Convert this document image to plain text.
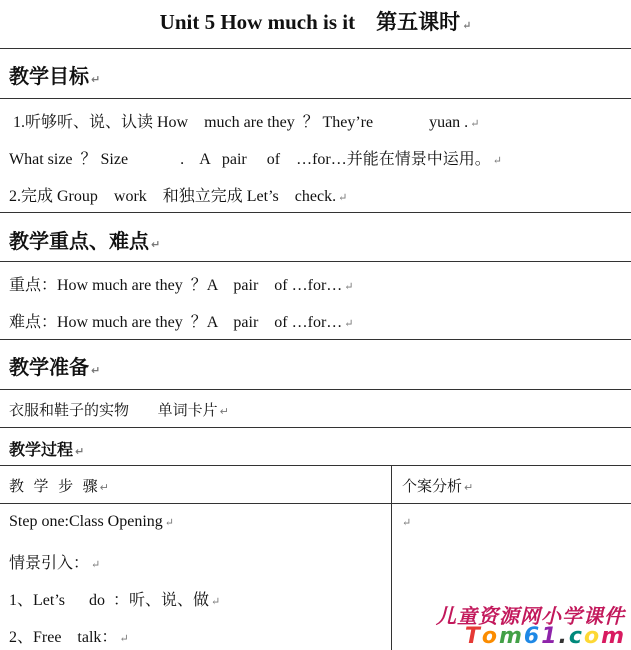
Unit 5 How much is it　第五课时 ↵
教学目标 ↵
1.听够听、说、认读 How    much are they  ？ They’re              yuan . ↵
What size  ？ Size             .    A   pair     of    …for…并能在情景中运用。 ↵
2.完成 Group    work    和独立完成 Let’s    check. ↵
教学重点、难点 ↵
重点：How much are they  ？A    pair    of …for… ↵
难点：How much are they  ？A    pair    of …for… ↵
教学准备 ↵
衣服和鞋子的实物      单词卡片 ↵
教学过程 ↵
教  学  步  骤 ↵	个案分析 ↵
Step one:Class Opening ↵	↵
情景引入： ↵
1、Let’s      do  ：听、说、做 ↵
2、Free    talk： ↵
儿童资源网小学课件
Tom61.com
